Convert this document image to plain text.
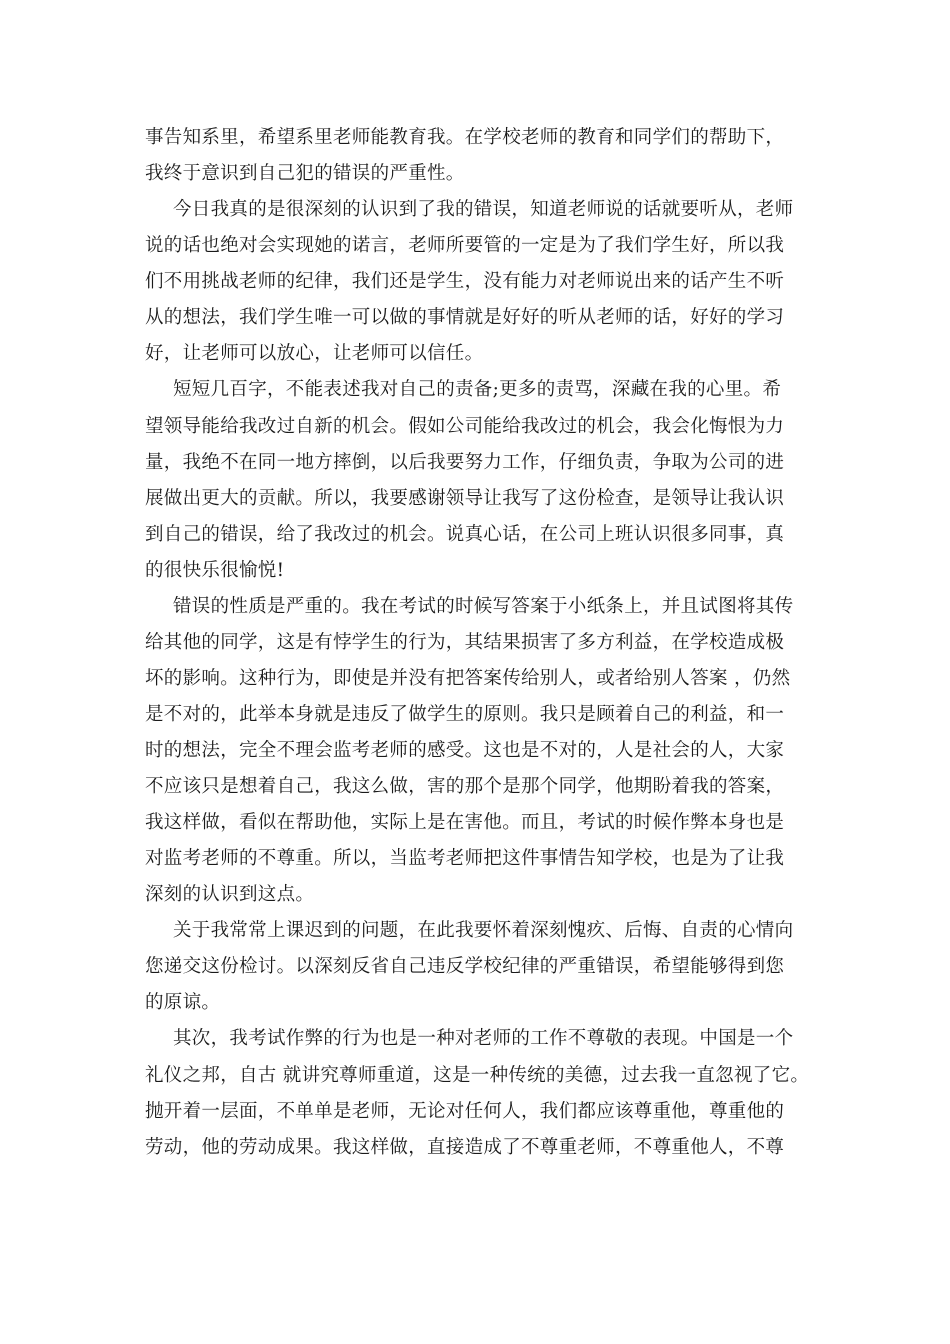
事告知系里，希望系里老师能教育我。在学校老师的教育和同学们的帮助下，

我终于意识到自己犯的错误的严重性。

今日我真的是很深刻的认识到了我的错误，知道老师说的话就要听从，老师

说的话也绝对会实现她的诺言，老师所要管的一定是为了我们学生好，所以我

们不用挑战老师的纪律，我们还是学生，没有能力对老师说出来的话产生不听

从的想法，我们学生唯一可以做的事情就是好好的听从老师的话，好好的学习

好，让老师可以放心，让老师可以信任。

短短几百字，不能表述我对自己的责备;更多的责骂，深藏在我的心里。希

望领导能给我改过自新的机会。假如公司能给我改过的机会，我会化悔恨为力

量，我绝不在同一地方摔倒，以后我要努力工作，仔细负责，争取为公司的进

展做出更大的贡献。所以，我要感谢领导让我写了这份检查，是领导让我认识

到自己的错误，给了我改过的机会。说真心话，在公司上班认识很多同事，真

的很快乐很愉悦!

错误的性质是严重的。我在考试的时候写答案于小纸条上，并且试图将其传

给其他的同学，这是有悖学生的行为，其结果损害了多方利益，在学校造成极

坏的影响。这种行为，即使是并没有把答案传给别人，或者给别人答案 ，仍然

是不对的，此举本身就是违反了做学生的原则。我只是顾着自己的利益，和一

时的想法，完全不理会监考老师的感受。这也是不对的，人是社会的人，大家

不应该只是想着自己，我这么做，害的那个是那个同学，他期盼着我的答案，

我这样做，看似在帮助他，实际上是在害他。而且，考试的时候作弊本身也是

对监考老师的不尊重。所以，当监考老师把这件事情告知学校，也是为了让我

深刻的认识到这点。

关于我常常上课迟到的问题，在此我要怀着深刻愧疚、后悔、自责的心情向

您递交这份检讨。以深刻反省自己违反学校纪律的严重错误，希望能够得到您

的原谅。

其次，我考试作弊的行为也是一种对老师的工作不尊敬的表现。中国是一个

礼仪之邦，自古 就讲究尊师重道，这是一种传统的美德，过去我一直忽视了它。

抛开着一层面，不单单是老师，无论对任何人，我们都应该尊重他，尊重他的

劳动，他的劳动成果。我这样做，直接造成了不尊重老师，不尊重他人，不尊
